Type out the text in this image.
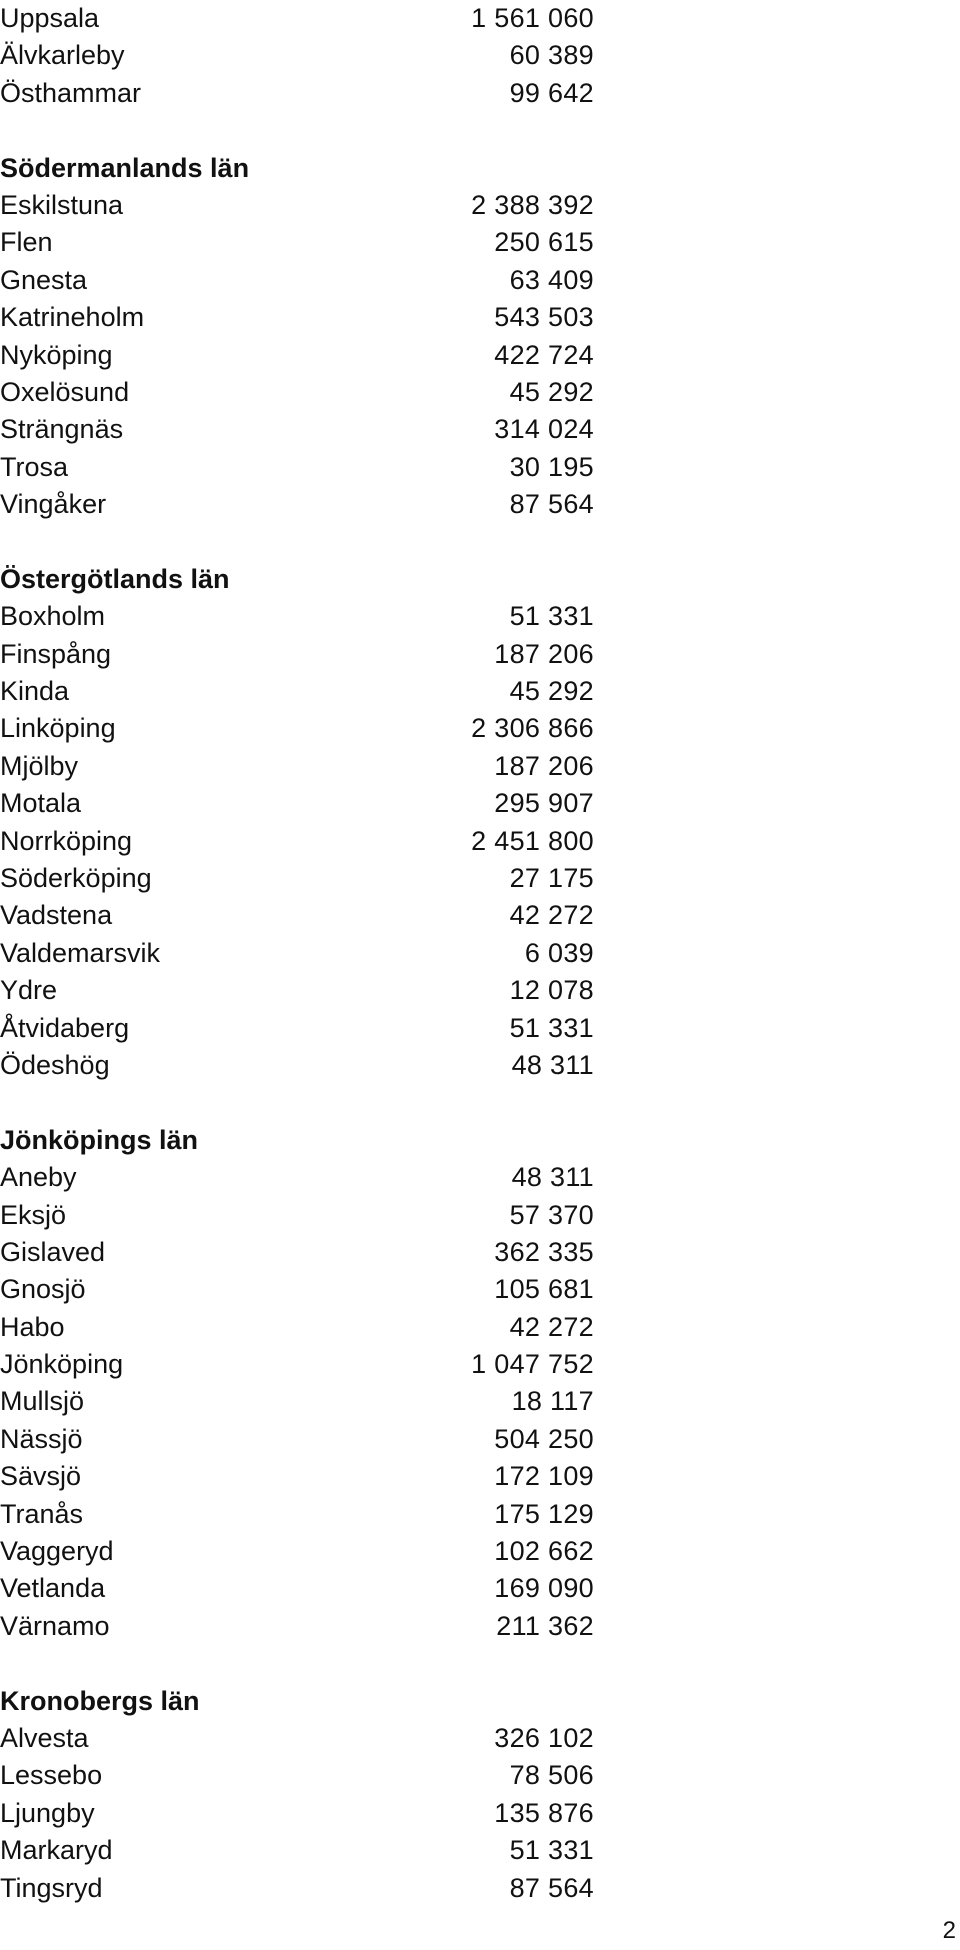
Uppsala	1 561 060
Älvkarleby	60 389
Östhammar	99 642
Södermanlands län
Eskilstuna	2 388 392
Flen	250 615
Gnesta	63 409
Katrineholm	543 503
Nyköping	422 724
Oxelösund	45 292
Strängnäs	314 024
Trosa	30 195
Vingåker	87 564
Östergötlands län
Boxholm	51 331
Finspång	187 206
Kinda	45 292
Linköping	2 306 866
Mjölby	187 206
Motala	295 907
Norrköping	2 451 800
Söderköping	27 175
Vadstena	42 272
Valdemarsvik	6 039
Ydre	12 078
Åtvidaberg	51 331
Ödeshög	48 311
Jönköpings län
Aneby	48 311
Eksjö	57 370
Gislaved	362 335
Gnosjö	105 681
Habo	42 272
Jönköping	1 047 752
Mullsjö	18 117
Nässjö	504 250
Sävsjö	172 109
Tranås	175 129
Vaggeryd	102 662
Vetlanda	169 090
Värnamo	211 362
Kronobergs län
Alvesta	326 102
Lessebo	78 506
Ljungby	135 876
Markaryd	51 331
Tingsryd	87 564
2
